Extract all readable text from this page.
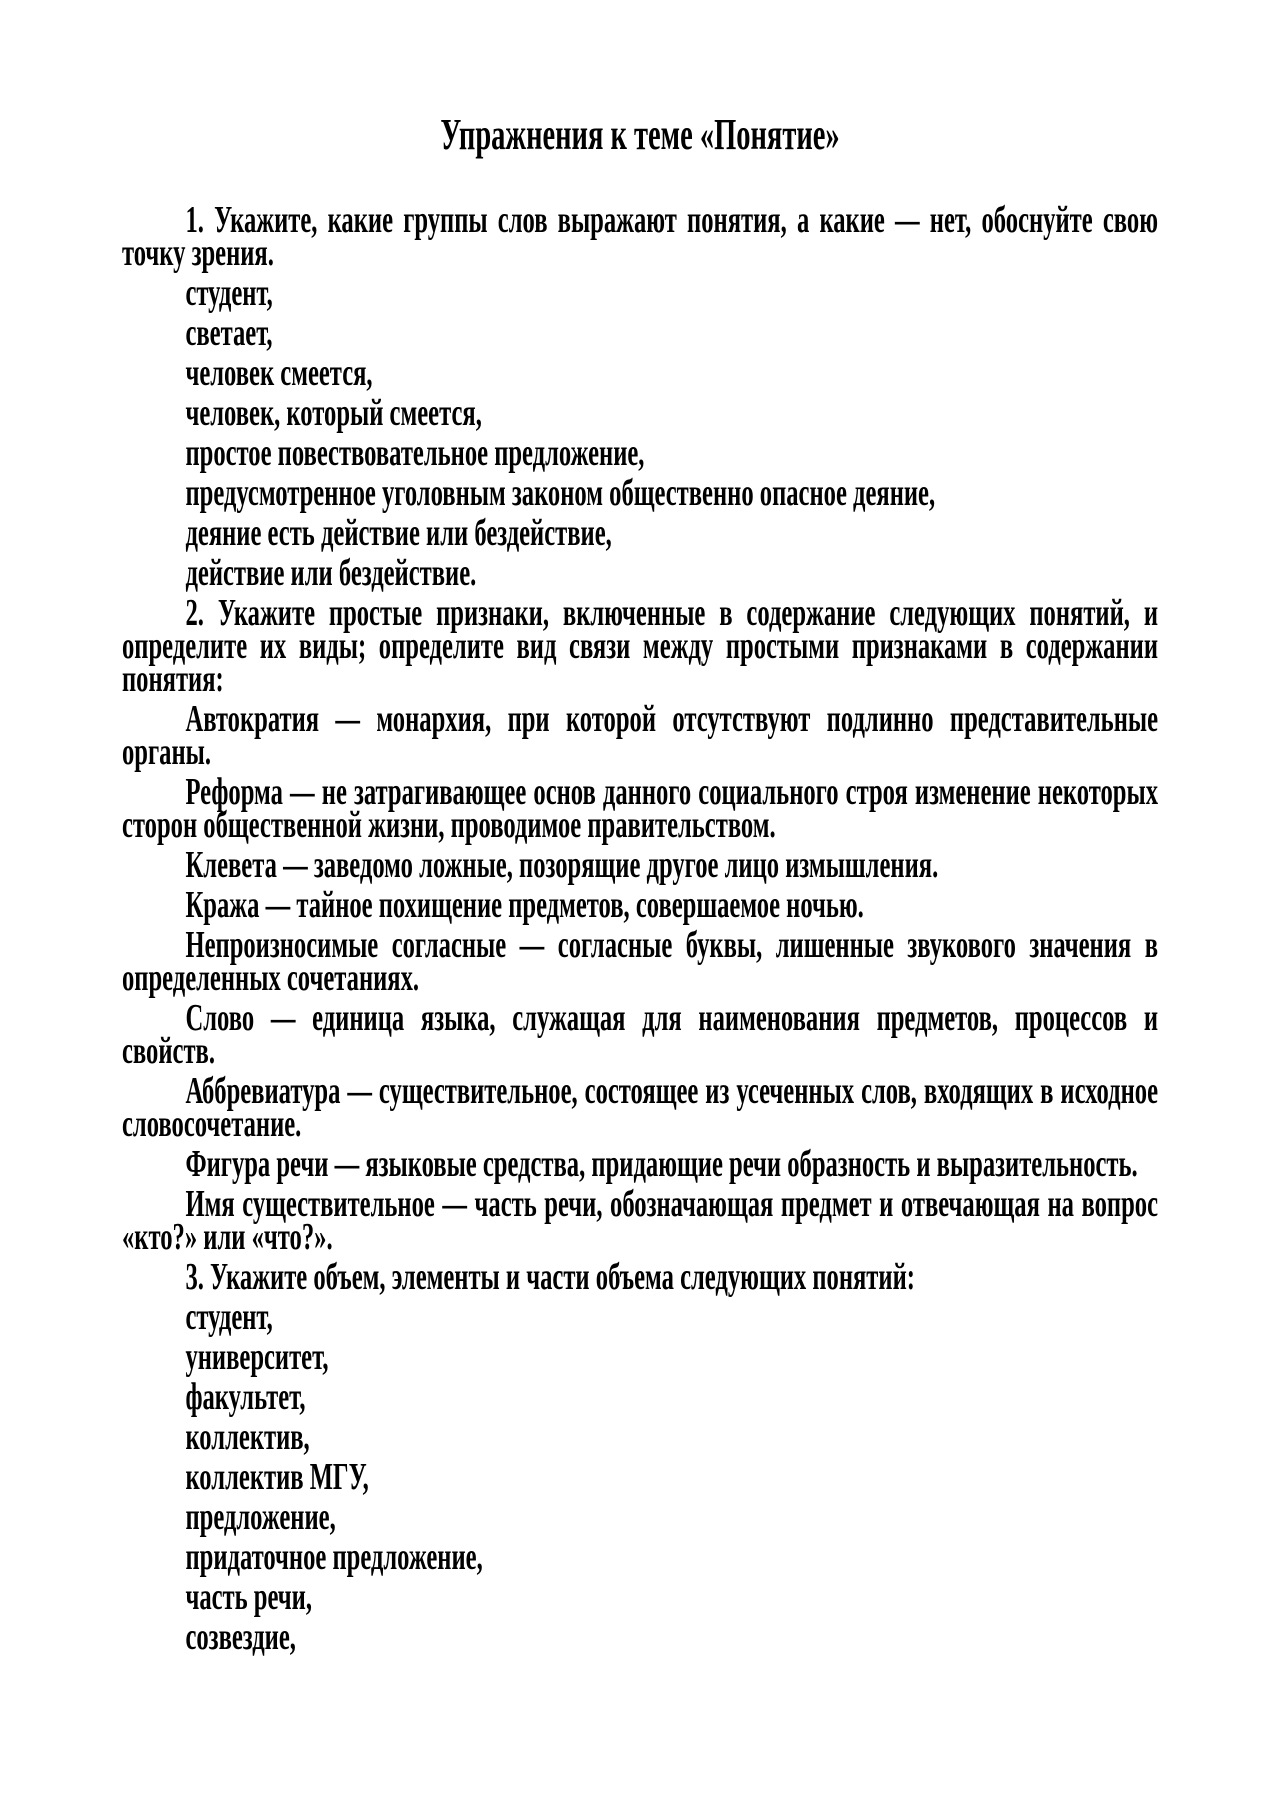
Упражнения к теме «Понятие»

1. Укажите, какие группы слов выражают понятия, а какие — нет, обоснуйте свою точку зрения.

студент,

светает,

человек смеется,

человек, который смеется,

простое повествовательное предложение,

предусмотренное уголовным законом общественно опасное деяние,

деяние есть действие или бездействие,

действие или бездействие.

2. Укажите простые признаки, включенные в содержание следующих понятий, и определите их виды; определите вид связи между простыми признаками в содержании понятия:

Автократия — монархия, при которой отсутствуют подлинно представительные органы.

Реформа — не затрагивающее основ данного социального строя изменение некоторых сторон общественной жизни, проводимое правительством.

Клевета — заведомо ложные, позорящие другое лицо измышления.

Кража — тайное похищение предметов, совершаемое ночью.

Непроизносимые согласные — согласные буквы, лишенные звукового значения в определенных сочетаниях.

Слово — единица языка, служащая для наименования предметов, процессов и свойств.

Аббревиатура — существительное, состоящее из усеченных слов, входящих в исходное словосочетание.

Фигура речи — языковые средства, придающие речи образность и выразительность.

Имя существительное — часть речи, обозначающая предмет и отвечающая на вопрос «кто?» или «что?».

3. Укажите объем, элементы и части объема следующих понятий:

студент,

университет,

факультет,

коллектив,

коллектив МГУ,

предложение,

придаточное предложение,

часть речи,

созвездие,
